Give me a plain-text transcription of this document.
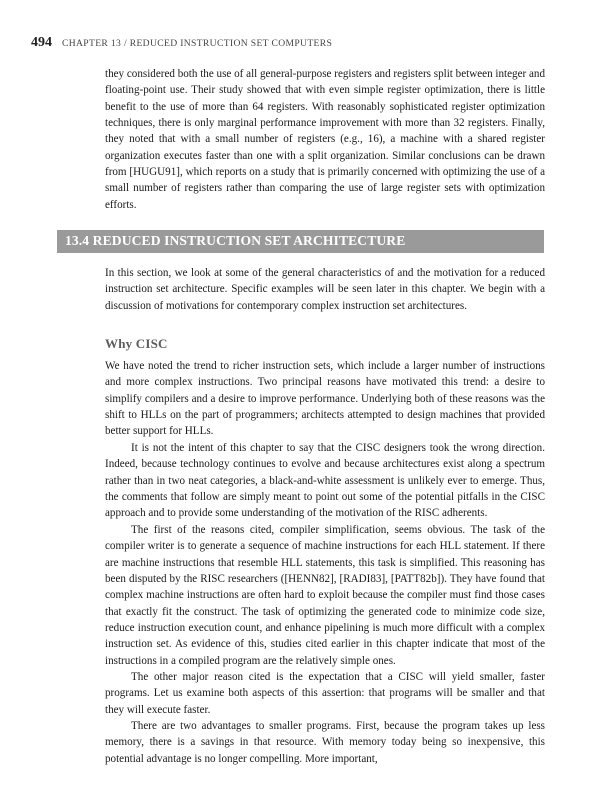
494 CHAPTER 13 / REDUCED INSTRUCTION SET COMPUTERS

they considered both the use of all general-purpose registers and registers split between integer and floating-point use. Their study showed that with even simple register optimization, there is little benefit to the use of more than 64 registers. With reasonably sophisticated register optimization techniques, there is only marginal performance improvement with more than 32 registers. Finally, they noted that with a small number of registers (e.g., 16), a machine with a shared register organization executes faster than one with a split organization. Similar conclusions can be drawn from [HUGU91], which reports on a study that is primarily concerned with optimizing the use of a small number of registers rather than comparing the use of large register sets with optimization efforts.

13.4 REDUCED INSTRUCTION SET ARCHITECTURE

In this section, we look at some of the general characteristics of and the motivation for a reduced instruction set architecture. Specific examples will be seen later in this chapter. We begin with a discussion of motivations for contemporary complex instruction set architectures.

Why CISC

We have noted the trend to richer instruction sets, which include a larger number of instructions and more complex instructions. Two principal reasons have motivated this trend: a desire to simplify compilers and a desire to improve performance. Underlying both of these reasons was the shift to HLLs on the part of programmers; architects attempted to design machines that provided better support for HLLs.

It is not the intent of this chapter to say that the CISC designers took the wrong direction. Indeed, because technology continues to evolve and because architectures exist along a spectrum rather than in two neat categories, a black-and-white assessment is unlikely ever to emerge. Thus, the comments that follow are simply meant to point out some of the potential pitfalls in the CISC approach and to provide some understanding of the motivation of the RISC adherents.

The first of the reasons cited, compiler simplification, seems obvious. The task of the compiler writer is to generate a sequence of machine instructions for each HLL statement. If there are machine instructions that resemble HLL statements, this task is simplified. This reasoning has been disputed by the RISC researchers ([HENN82], [RADI83], [PATT82b]). They have found that complex machine instructions are often hard to exploit because the compiler must find those cases that exactly fit the construct. The task of optimizing the generated code to minimize code size, reduce instruction execution count, and enhance pipelining is much more difficult with a complex instruction set. As evidence of this, studies cited earlier in this chapter indicate that most of the instructions in a compiled program are the relatively simple ones.

The other major reason cited is the expectation that a CISC will yield smaller, faster programs. Let us examine both aspects of this assertion: that programs will be smaller and that they will execute faster.

There are two advantages to smaller programs. First, because the program takes up less memory, there is a savings in that resource. With memory today being so inexpensive, this potential advantage is no longer compelling. More important,
